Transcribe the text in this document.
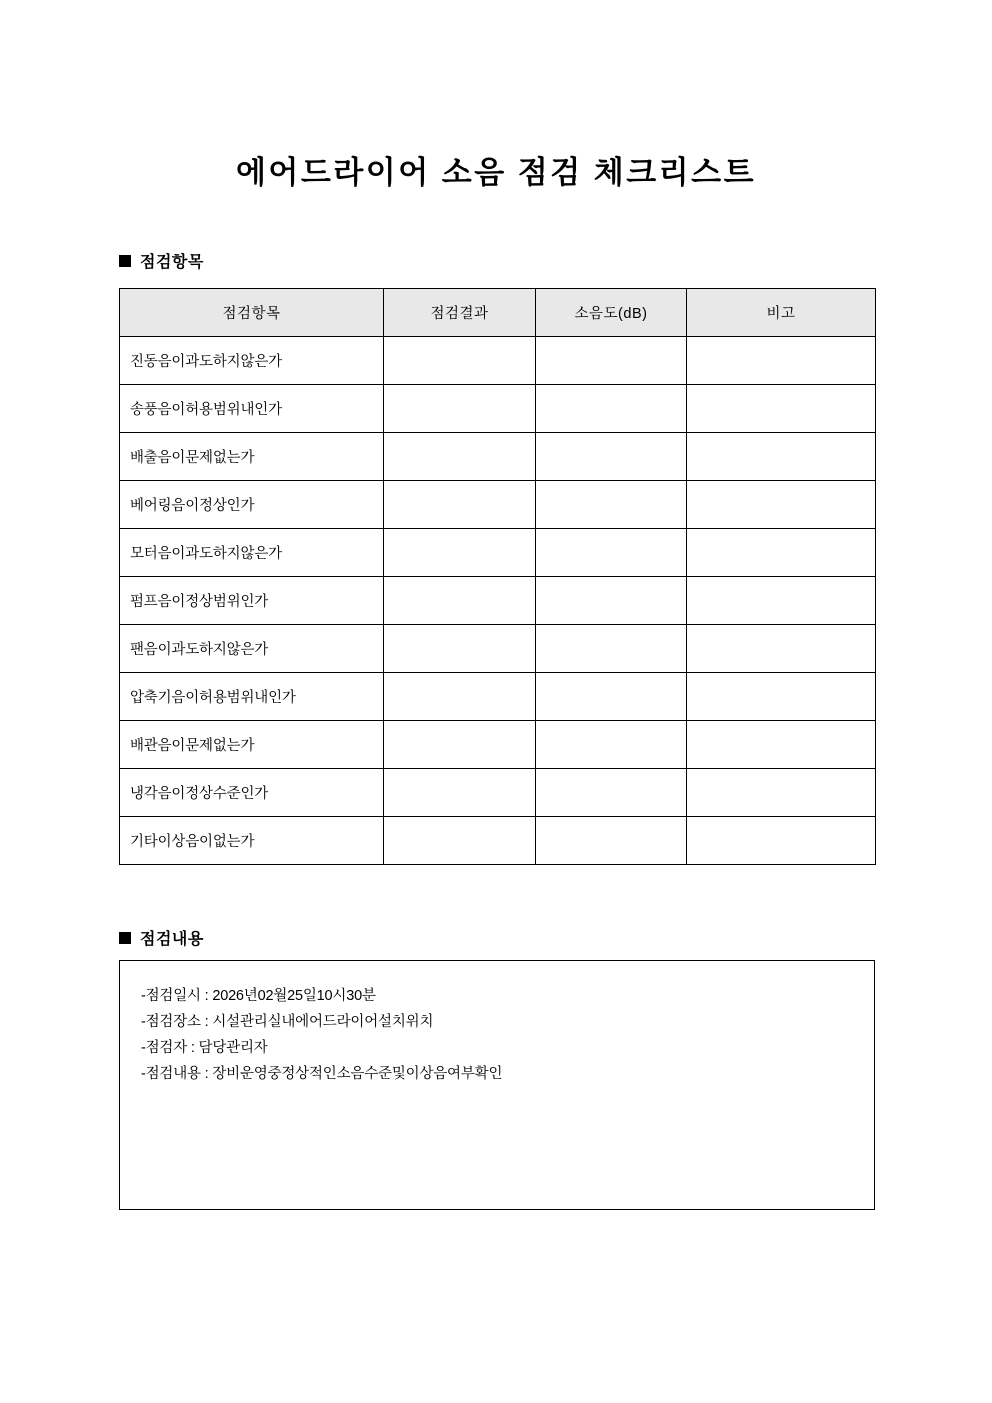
에어드라이어 소음 점검 체크리스트
점검항목
점검항목	점검결과	소음도(dB)	비고
진동음이과도하지않은가			
송풍음이허용범위내인가			
배출음이문제없는가			
베어링음이정상인가			
모터음이과도하지않은가			
펌프음이정상범위인가			
팬음이과도하지않은가			
압축기음이허용범위내인가			
배관음이문제없는가			
냉각음이정상수준인가			
기타이상음이없는가			
점검내용
-점검일시 : 2026년02월25일10시30분
-점검장소 : 시설관리실내에어드라이어설치위치
-점검자 : 담당관리자
-점검내용 : 장비운영중정상적인소음수준및이상음여부확인
